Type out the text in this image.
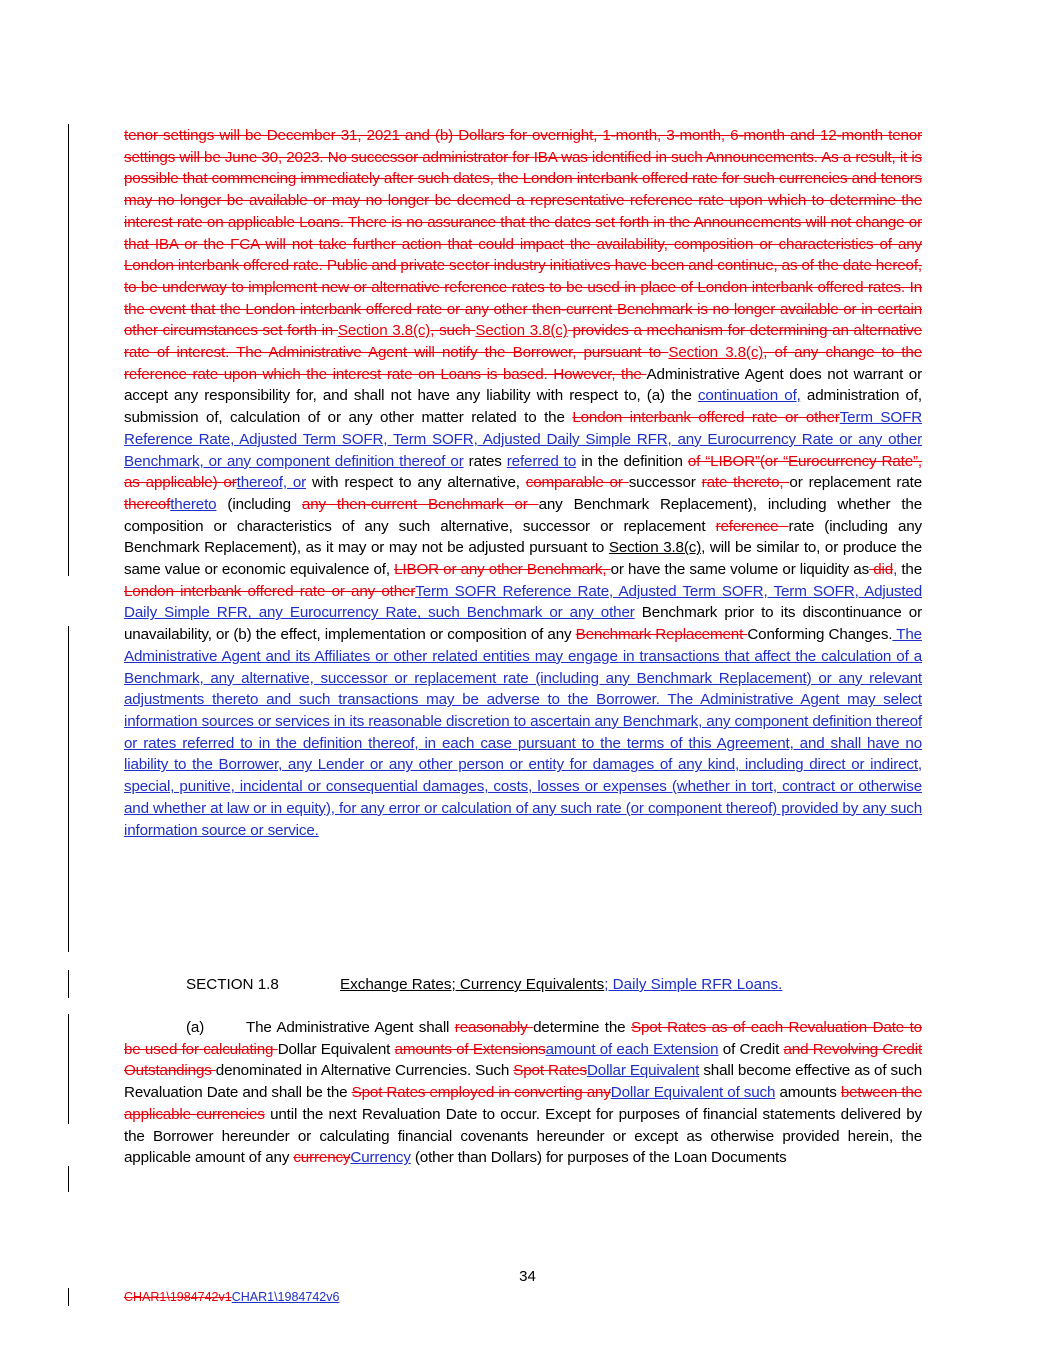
tenor settings will be December 31, 2021 and (b) Dollars for overnight, 1-month, 3-month, 6-month and 12-month tenor settings will be June 30, 2023. No successor administrator for IBA was identified in such Announcements. As a result, it is possible that commencing immediately after such dates, the London interbank offered rate for such currencies and tenors may no longer be available or may no longer be deemed a representative reference rate upon which to determine the interest rate on applicable Loans. There is no assurance that the dates set forth in the Announcements will not change or that IBA or the FCA will not take further action that could impact the availability, composition or characteristics of any London interbank offered rate. Public and private sector industry initiatives have been and continue, as of the date hereof, to be underway to implement new or alternative reference rates to be used in place of London interbank offered rates. In the event that the London interbank offered rate or any other then-current Benchmark is no longer available or in certain other circumstances set forth in Section 3.8(c), such Section 3.8(c) provides a mechanism for determining an alternative rate of interest. The Administrative Agent will notify the Borrower, pursuant to Section 3.8(c), of any change to the reference rate upon which the interest rate on Loans is based. However, the Administrative Agent does not warrant or accept any responsibility for, and shall not have any liability with respect to, (a) the continuation of, administration of, submission of, calculation of or any other matter related to the London interbank offered rate or otherTerm SOFR Reference Rate, Adjusted Term SOFR, Term SOFR, Adjusted Daily Simple RFR, any Eurocurrency Rate or any other Benchmark, or any component definition thereof or rates referred to in the definition of “LIBOR”(or “Eurocurrency Rate”, as applicable) orthereof, or with respect to any alternative, comparable or successor rate thereto, or replacement rate thereofthereto (including any then-current Benchmark or any Benchmark Replacement), including whether the composition or characteristics of any such alternative, successor or replacement reference rate (including any Benchmark Replacement), as it may or may not be adjusted pursuant to Section 3.8(c), will be similar to, or produce the same value or economic equivalence of, LIBOR or any other Benchmark, or have the same volume or liquidity as did, the London interbank offered rate or any otherTerm SOFR Reference Rate, Adjusted Term SOFR, Term SOFR, Adjusted Daily Simple RFR, any Eurocurrency Rate, such Benchmark or any other Benchmark prior to its discontinuance or unavailability, or (b) the effect, implementation or composition of any Benchmark Replacement Conforming Changes. The Administrative Agent and its Affiliates or other related entities may engage in transactions that affect the calculation of a Benchmark, any alternative, successor or replacement rate (including any Benchmark Replacement) or any relevant adjustments thereto and such transactions may be adverse to the Borrower. The Administrative Agent may select information sources or services in its reasonable discretion to ascertain any Benchmark, any component definition thereof or rates referred to in the definition thereof, in each case pursuant to the terms of this Agreement, and shall have no liability to the Borrower, any Lender or any other person or entity for damages of any kind, including direct or indirect, special, punitive, incidental or consequential damages, costs, losses or expenses (whether in tort, contract or otherwise and whether at law or in equity), for any error or calculation of any such rate (or component thereof) provided by any such information source or service.

SECTION 1.8	Exchange Rates; Currency Equivalents; Daily Simple RFR Loans.

(a)	The Administrative Agent shall reasonably determine the Spot Rates as of each Revaluation Date to be used for calculating Dollar Equivalent amounts of Extensionsamount of each Extension of Credit and Revolving Credit Outstandings denominated in Alternative Currencies. Such Spot RatesDollar Equivalent shall become effective as of such Revaluation Date and shall be the Spot Rates employed in converting anyDollar Equivalent of such amounts between the applicable currencies until the next Revaluation Date to occur. Except for purposes of financial statements delivered by the Borrower hereunder or calculating financial covenants hereunder or except as otherwise provided herein, the applicable amount of any currencyCurrency (other than Dollars) for purposes of the Loan Documents

34
CHAR1\1984742v1CHAR1\1984742v6
